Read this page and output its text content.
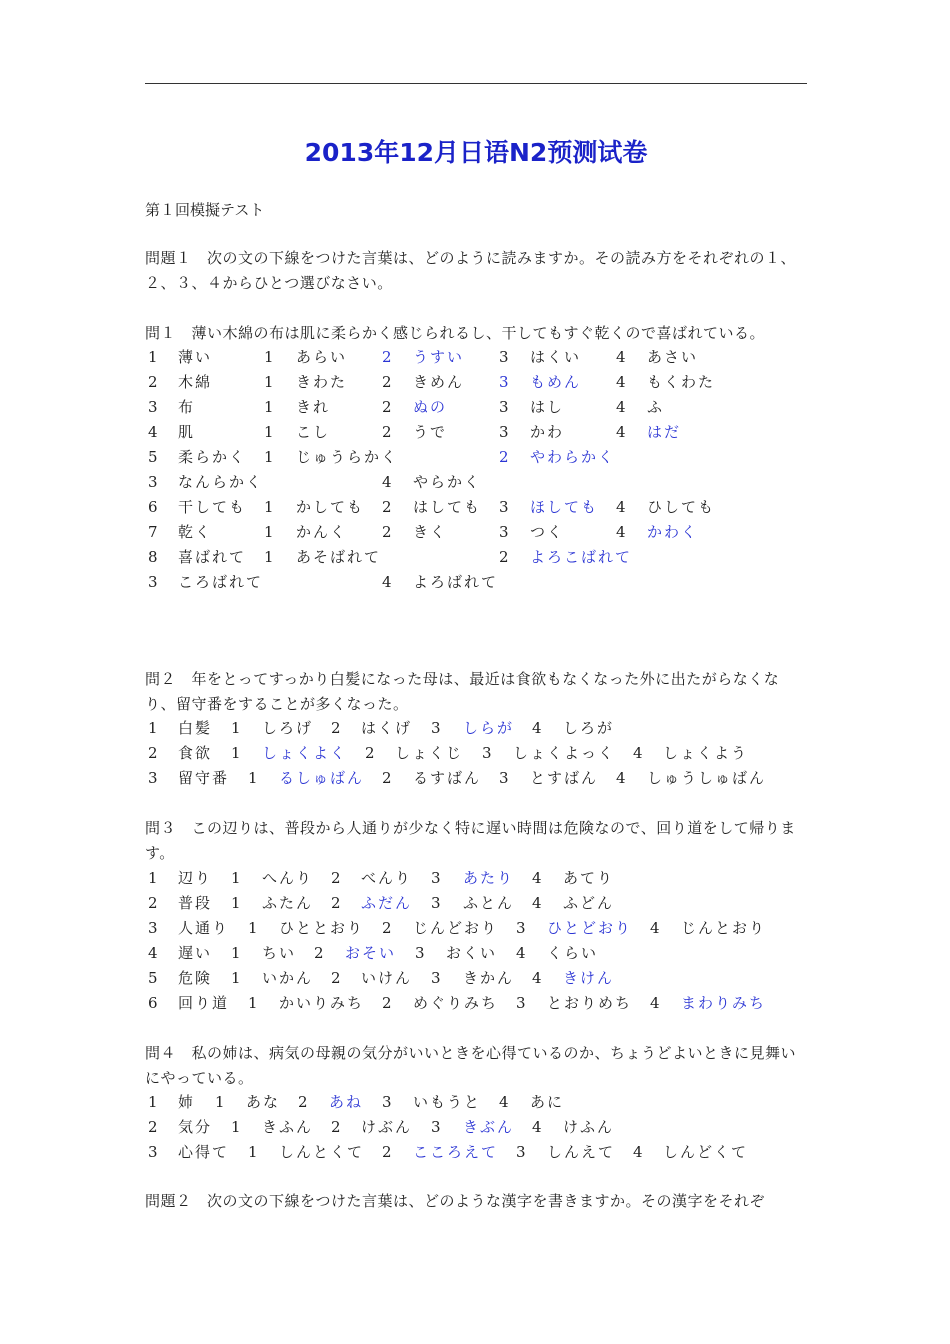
2013年12月日语N2预测试卷
第１回模擬テスト
問題１　次の文の下線をつけた言葉は、どのように読みますか。その読み方をそれぞれの１、２、３、４からひとつ選びなさい。
問１　薄い木綿の布は肌に柔らかく感じられるし、干してもすぐ乾くので喜ばれている。
1 薄い	1 あらい 2 うすい 3 はくい 4 あさい
2 木綿	1 きわた 2 きめん 3 もめん 4 もくわた
3 布	1 きれ	2 ぬの	3 はし	4 ふ
4 肌	1 こし	2 うで	3 かわ	4 はだ
5 柔らかく 1 じゅうらかく	2 やわらかく
3 なんらかく	4 やらかく
6 干しても 1 かしても 2 はしても 3 ほしても 4 ひしても
7 乾く	1 かんく 2 きく	3 つく	4 かわく
8 喜ばれて 1 あそばれて	2 よろこばれて
3 ころばれて	4 よろばれて
問２　年をとってすっかり白髪になった母は、最近は食欲もなくなった外に出たがらなくなり、留守番をすることが多くなった。
1 白髪 1 しろげ 2 はくげ 3 しらが 4 しろが
2 食欲 1 しょくよく 2 しょくじ 3 しょくよっく 4 しょくよう
3 留守番 1 るしゅばん 2 るすばん 3 とすばん 4 しゅうしゅばん
問３　この辺りは、普段から人通りが少なく特に遅い時間は危険なので、回り道をして帰ります。
1 辺り 1 へんり 2 べんり 3 あたり 4 あてり
2 普段 1 ふたん 2 ふだん 3 ふとん 4 ふどん
3 人通り 1 ひととおり 2 じんどおり 3 ひとどおり 4 じんとおり
4 遅い 1 ちい 2 おそい 3 おくい 4 くらい
5 危険 1 いかん 2 いけん 3 きかん 4 きけん
6 回り道 1 かいりみち 2 めぐりみち 3 とおりめち 4 まわりみち
問４　私の姉は、病気の母親の気分がいいときを心得ているのか、ちょうどよいときに見舞いにやっている。
1 姉 1 あな 2 あね 3 いもうと 4 あに
2 気分 1 きふん 2 けぶん 3 きぶん 4 けふん
3 心得て 1 しんとくて 2 こころえて 3 しんえて 4 しんどくて
問題２　次の文の下線をつけた言葉は、どのような漢字を書きますか。その漢字をそれぞ
